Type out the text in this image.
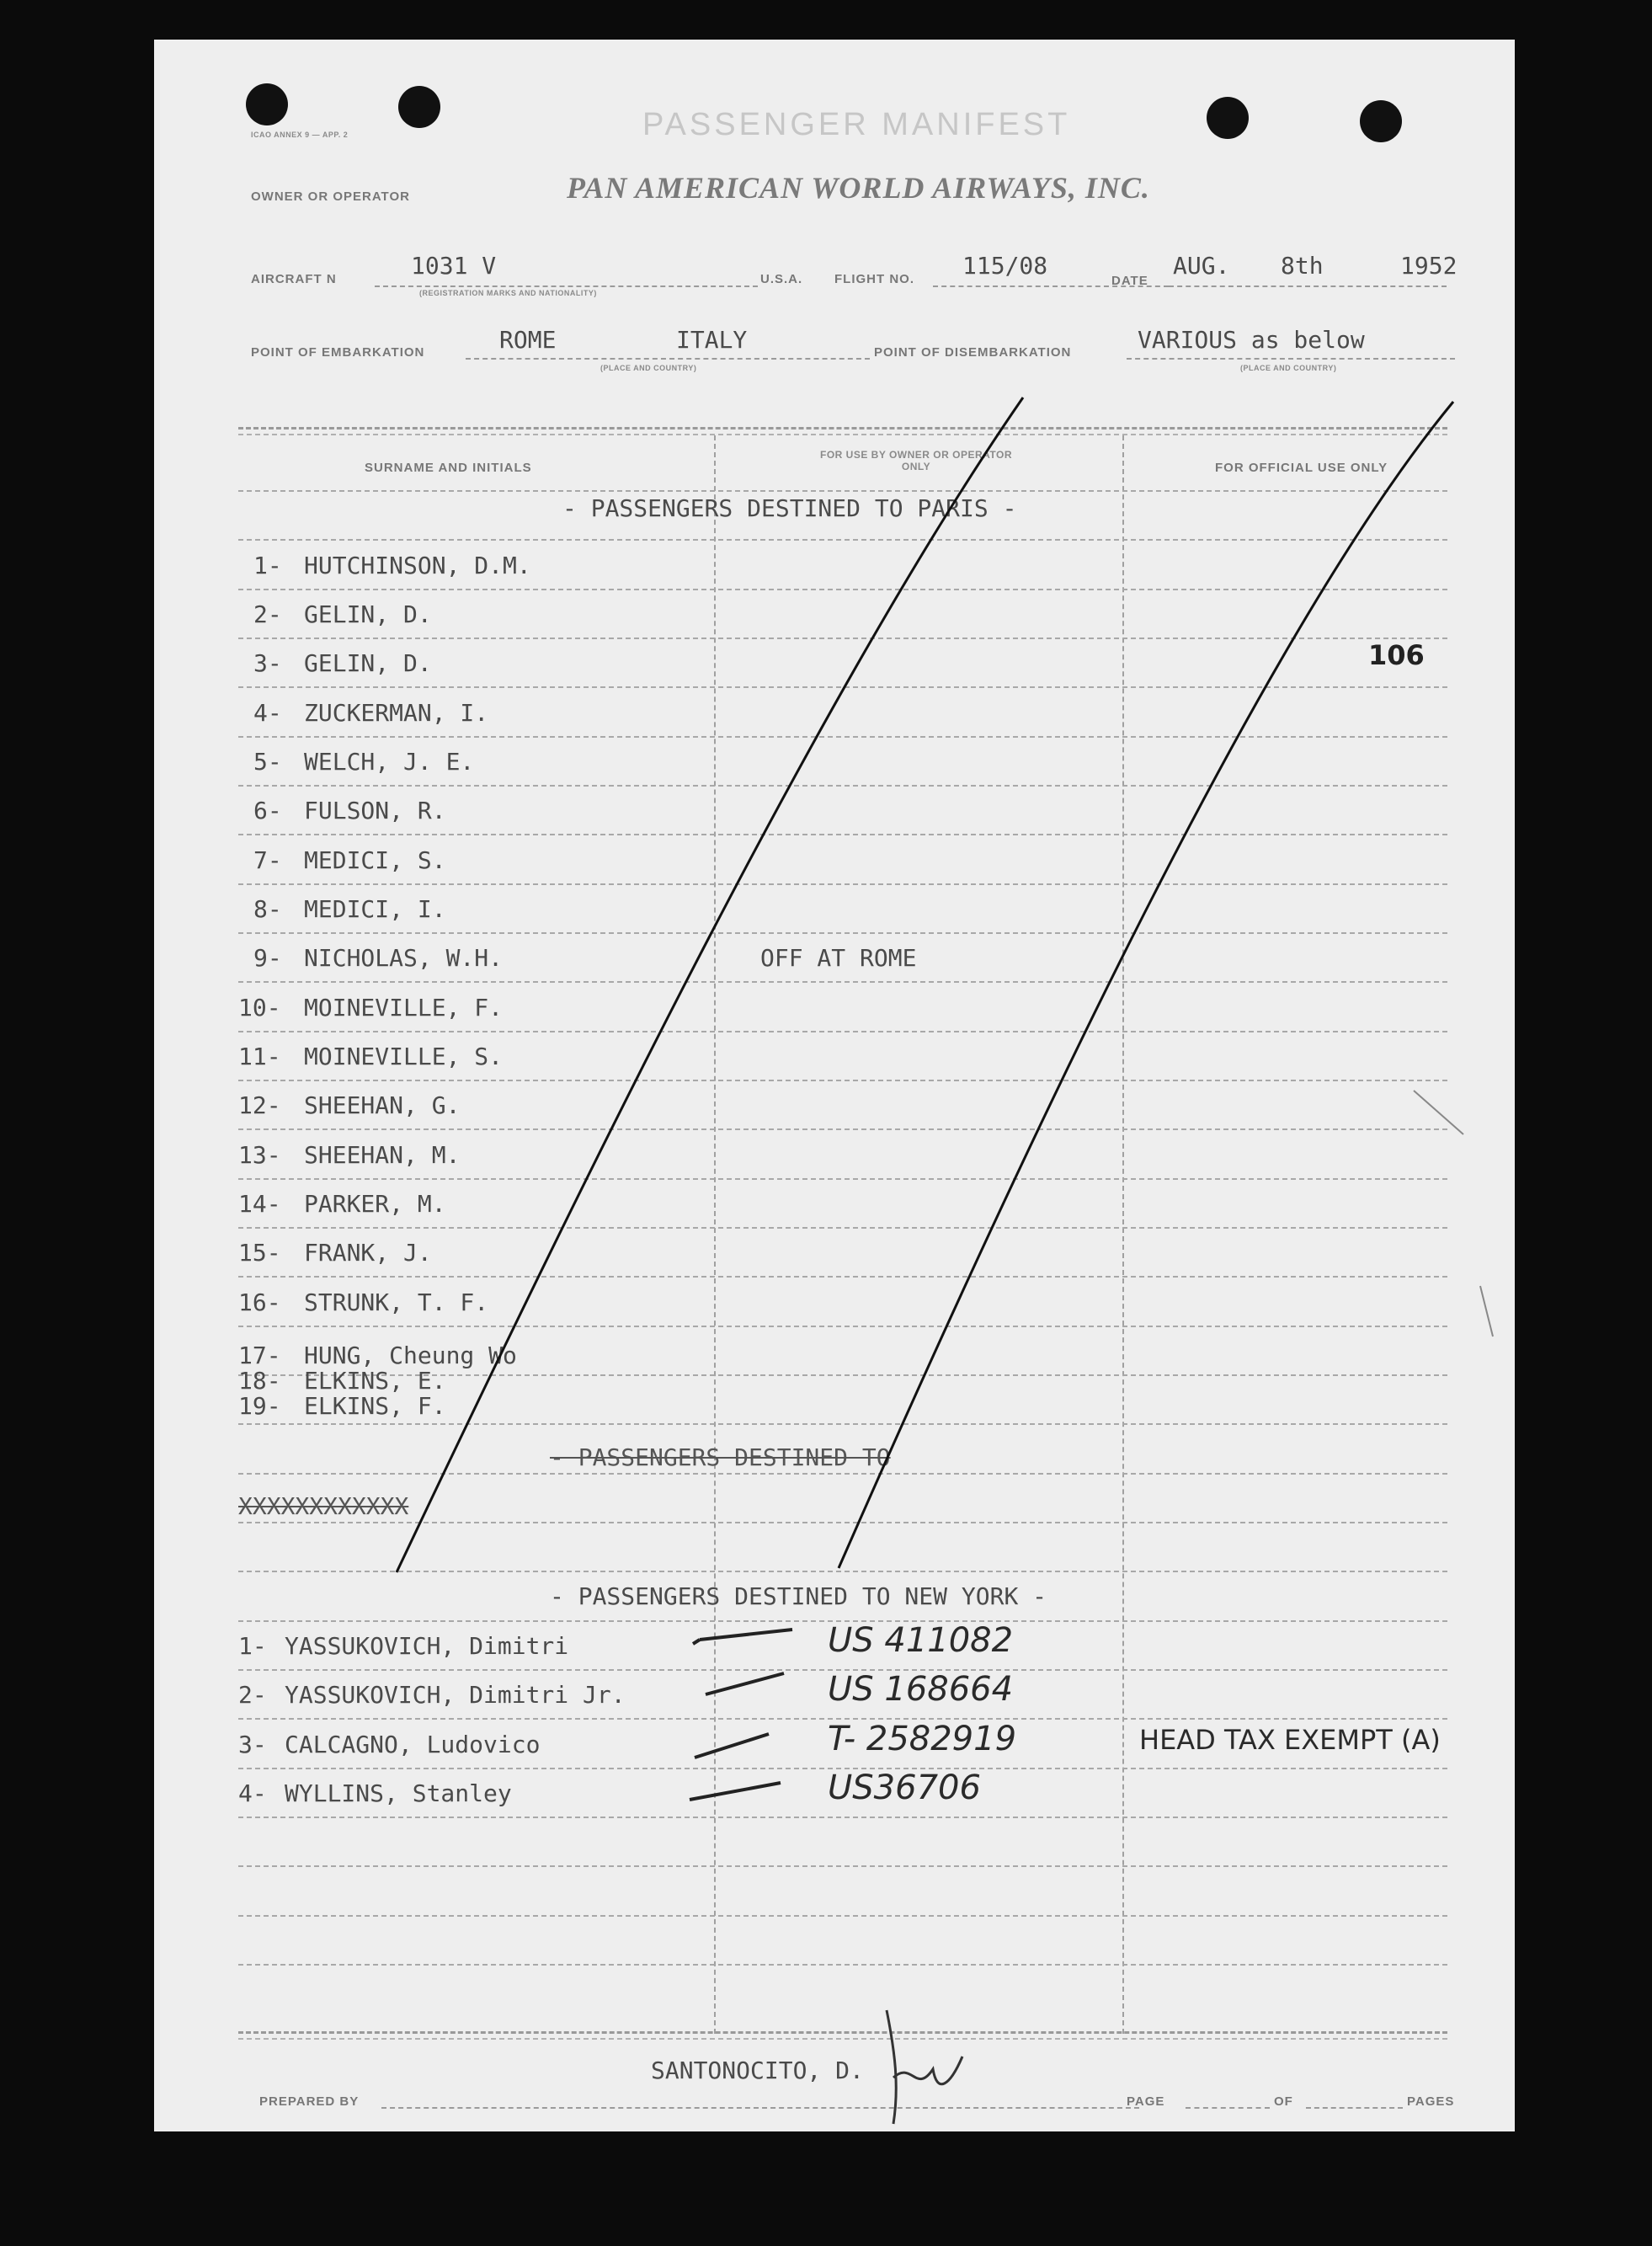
ICAO ANNEX 9 — APP. 2	PASSENGER MANIFEST
OWNER OR OPERATOR	PAN AMERICAN WORLD AIRWAYS, INC.
AIRCRAFT N	1031 V
(REGISTRATION MARKS AND NATIONALITY)
U.S.A.	FLIGHT NO. 115/08
DATE
AUG. 8th	1952
POINT OF EMBARKATION	ROME	ITALY
(PLACE AND COUNTRY)
POINT OF DISEMBARKATION	VARIOUS as below
(PLACE AND COUNTRY)
SURNAME AND INITIALS
FOR USE BY OWNER OR OPERATOR ONLY	FOR OFFICIAL USE ONLY
- PASSENGERS DESTINED TO PARIS -
1- HUTCHINSON, D.M.
2- GELIN, D.
3- GELIN, D.
4- ZUCKERMAN, I.
5- WELCH, J. E.
6- FULSON, R.
7- MEDICI, S.
8- MEDICI, I.
9- NICHOLAS, W.H.	OFF AT ROME
10- MOINEVILLE, F.
11- MOINEVILLE, S.
12- SHEEHAN, G.
13- SHEEHAN, M.
14- PARKER, M.
15- FRANK, J.
16- STRUNK, T. F.
17- HUNG, Cheung Wo
18- ELKINS, E.
19- ELKINS, F.
- PASSENGERS DESTINED TO
XXXXXXXXXXXX
- PASSENGERS DESTINED TO NEW YORK -
1- YASSUKOVICH, Dimitri	US 411082
2- YASSUKOVICH, Dimitri Jr.	US 168664
3- CALCAGNO, Ludovico	T- 2582919	HEAD TAX EXEMPT (A)
4- WYLLINS, Stanley	US36706
106
SANTONOCITO, D.
PREPARED BY	PAGE	OF	PAGES
